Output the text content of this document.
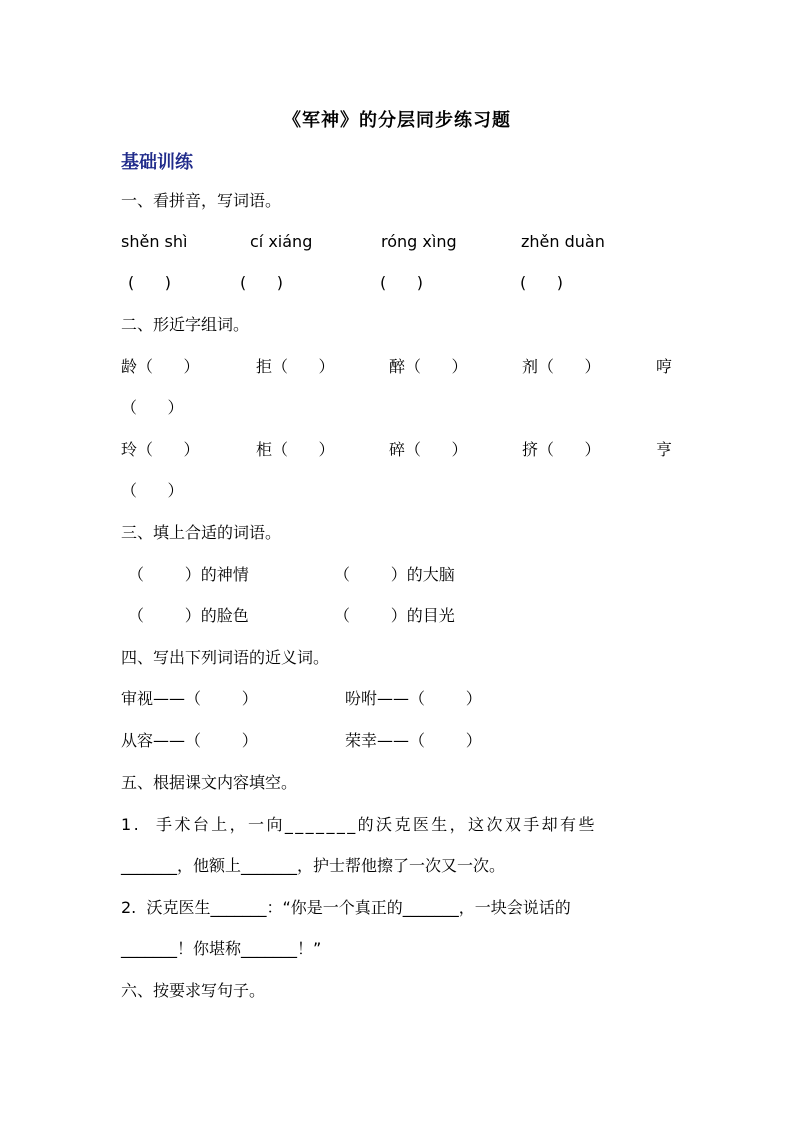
《军神》的分层同步练习题
基础训练
一、看拼音，写词语。
shěn shì	cí xiáng	róng xìng	zhěn duàn
(      )	(      )	(      )	(      )
二、形近字组词。
龄（      ）	拒（      ）	醉（      ）	剂（      ）	哼
（      ）
玲（      ）	柜（      ）	碎（      ）	挤（      ）	亨
（      ）
三、填上合适的词语。
（        ）的神情	（        ）的大脑
（        ）的脸色	（        ）的目光
四、写出下列词语的近义词。
审视——（        ）	吩咐——（        ）
从容——（        ）	荣幸——（        ）
五、根据课文内容填空。
1.  手术台上，一向_______的沃克医生，这次双手却有些
_______，他额上_______，护士帮他擦了一次又一次。
2.  沃克医生_______：“你是一个真正的_______，一块会说话的
_______！你堪称_______！”
六、按要求写句子。
